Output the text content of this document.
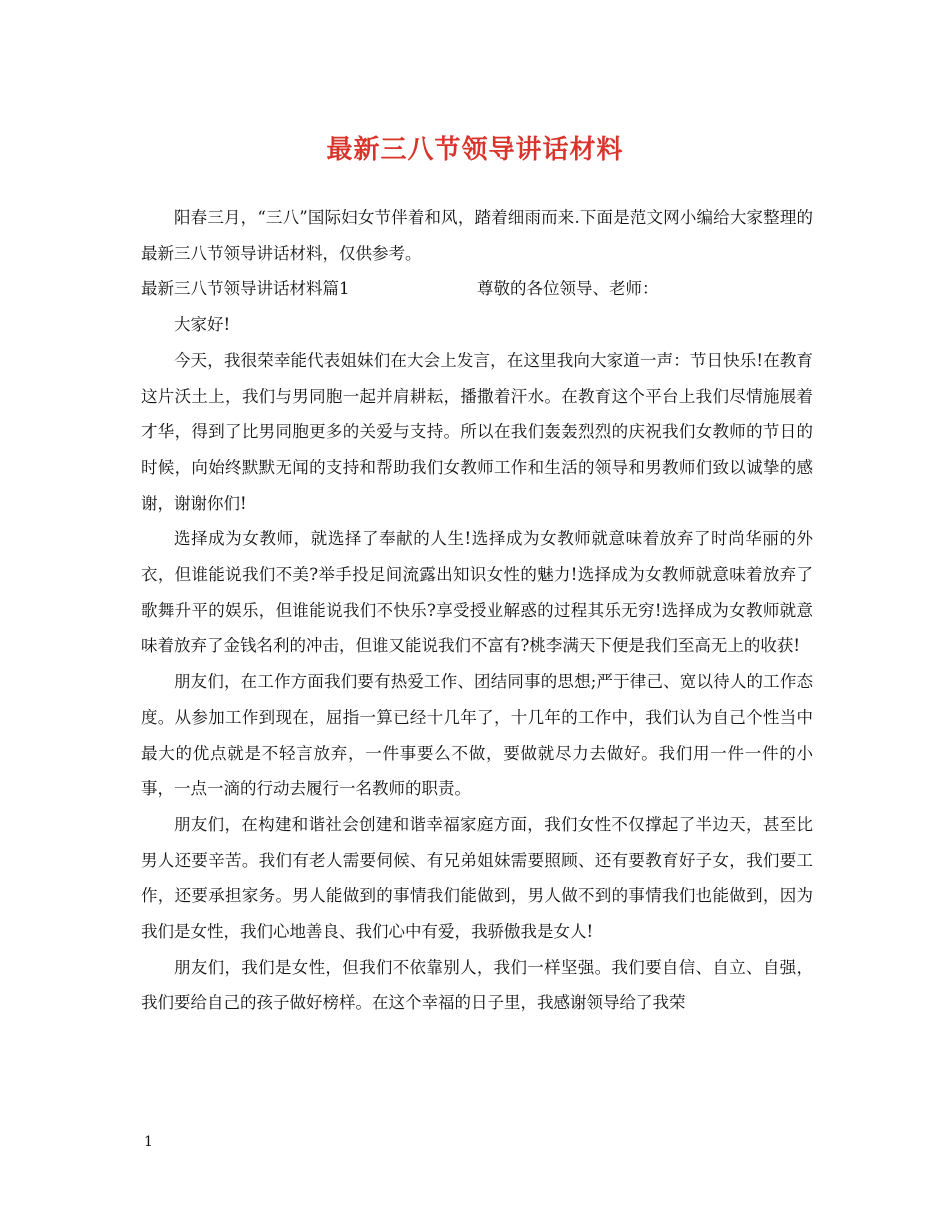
最新三八节领导讲话材料

阳春三月，“三八”国际妇女节伴着和风，踏着细雨而来.下面是范文网小编给大家整理的最新三八节领导讲话材料，仅供参考。

最新三八节领导讲话材料篇1	尊敬的各位领导、老师：

大家好!

今天，我很荣幸能代表姐妹们在大会上发言，在这里我向大家道一声：节日快乐!在教育这片沃土上，我们与男同胞一起并肩耕耘，播撒着汗水。在教育这个平台上我们尽情施展着才华，得到了比男同胞更多的关爱与支持。所以在我们轰轰烈烈的庆祝我们女教师的节日的时候，向始终默默无闻的支持和帮助我们女教师工作和生活的领导和男教师们致以诚挚的感谢，谢谢你们!

选择成为女教师，就选择了奉献的人生!选择成为女教师就意味着放弃了时尚华丽的外衣，但谁能说我们不美?举手投足间流露出知识女性的魅力!选择成为女教师就意味着放弃了歌舞升平的娱乐，但谁能说我们不快乐?享受授业解惑的过程其乐无穷!选择成为女教师就意味着放弃了金钱名利的冲击，但谁又能说我们不富有?桃李满天下便是我们至高无上的收获!

朋友们，在工作方面我们要有热爱工作、团结同事的思想;严于律己、宽以待人的工作态度。从参加工作到现在，屈指一算已经十几年了，十几年的工作中，我们认为自己个性当中最大的优点就是不轻言放弃，一件事要么不做，要做就尽力去做好。我们用一件一件的小事，一点一滴的行动去履行一名教师的职责。

朋友们，在构建和谐社会创建和谐幸福家庭方面，我们女性不仅撑起了半边天，甚至比男人还要辛苦。我们有老人需要伺候、有兄弟姐妹需要照顾、还有要教育好子女，我们要工作，还要承担家务。男人能做到的事情我们能做到，男人做不到的事情我们也能做到，因为我们是女性，我们心地善良、我们心中有爱，我骄傲我是女人!

朋友们，我们是女性，但我们不依靠别人，我们一样坚强。我们要自信、自立、自强，我们要给自己的孩子做好榜样。在这个幸福的日子里，我感谢领导给了我荣

1
